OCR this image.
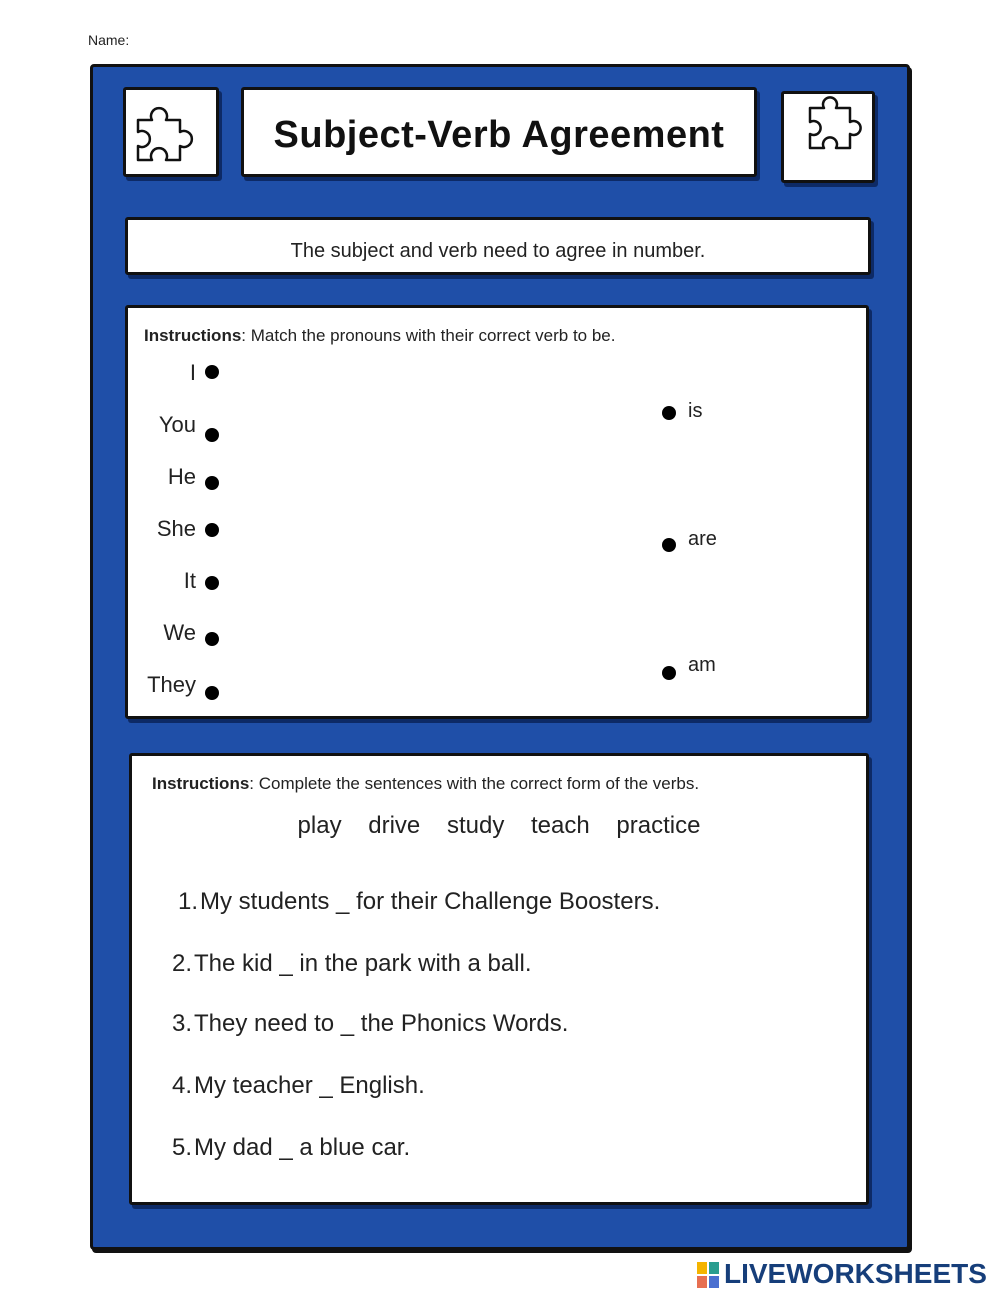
Name:
Subject-Verb Agreement
The subject and verb need to agree in number.
Instructions: Match the pronouns with their correct verb to be.
I
You
He
She
It
We
They
is
are
am
Instructions: Complete the sentences with the correct form of the verbs.
play drive study teach practice
1.My students _ for their Challenge Boosters.
2.The kid _ in the park with a ball.
3.They need to _ the Phonics Words.
4.My teacher _ English.
5.My dad _ a blue car.
LIVEWORKSHEETS
